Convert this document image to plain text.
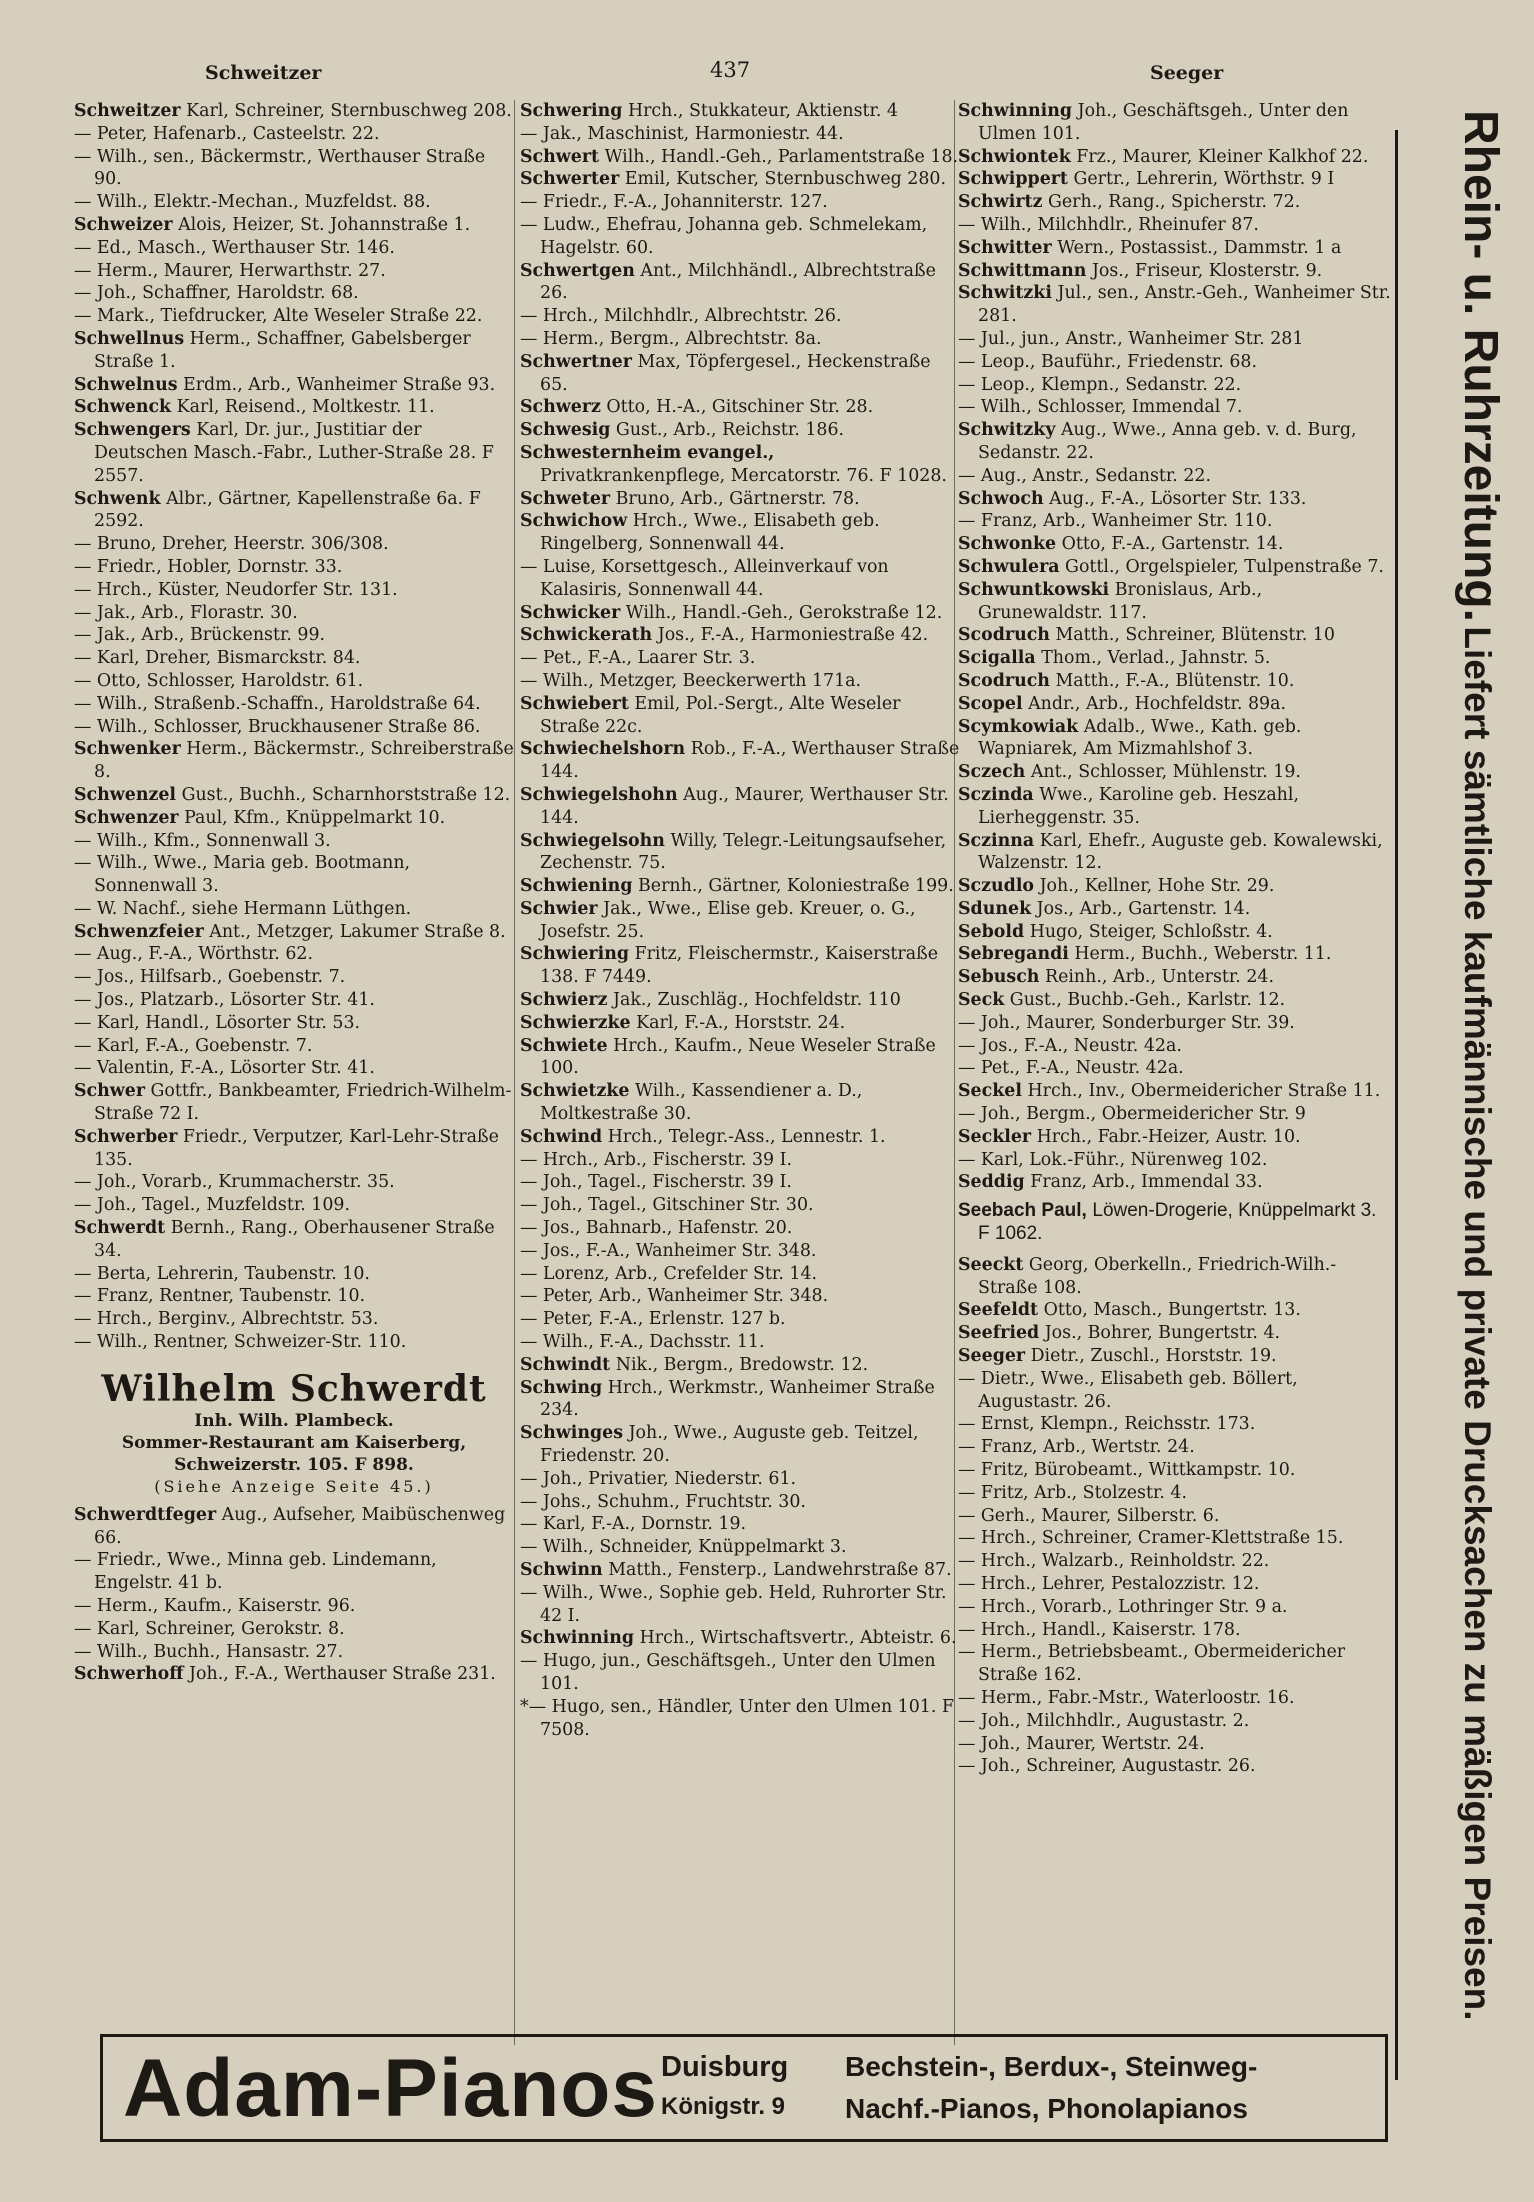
Schweitzer	437	Seeger

Schweitzer Karl, Schreiner, Sternbuschweg 208.

— Peter, Hafenarb., Casteelstr. 22.

— Wilh., sen., Bäckermstr., Werthauser Straße 90.

— Wilh., Elektr.-Mechan., Muzfeldst. 88.

Schweizer Alois, Heizer, St. Johannstraße 1.

— Ed., Masch., Werthauser Str. 146.

— Herm., Maurer, Herwarthstr. 27.

— Joh., Schaffner, Haroldstr. 68.

— Mark., Tiefdrucker, Alte Weseler Straße 22.

Schwellnus Herm., Schaffner, Gabelsberger Straße 1.

Schwelnus Erdm., Arb., Wanheimer Straße 93.

Schwenck Karl, Reisend., Moltkestr. 11.

Schwengers Karl, Dr. jur., Justitiar der Deutschen Masch.-Fabr., Luther-Straße 28. F 2557.

Schwenk Albr., Gärtner, Kapellenstraße 6a. F 2592.

— Bruno, Dreher, Heerstr. 306/308.

— Friedr., Hobler, Dornstr. 33.

— Hrch., Küster, Neudorfer Str. 131.

— Jak., Arb., Florastr. 30.

— Jak., Arb., Brückenstr. 99.

— Karl, Dreher, Bismarckstr. 84.

— Otto, Schlosser, Haroldstr. 61.

— Wilh., Straßenb.-Schaffn., Haroldstraße 64.

— Wilh., Schlosser, Bruckhausener Straße 86.

Schwenker Herm., Bäckermstr., Schreiberstraße 8.

Schwenzel Gust., Buchh., Scharnhorststraße 12.

Schwenzer Paul, Kfm., Knüppelmarkt 10.

— Wilh., Kfm., Sonnenwall 3.

— Wilh., Wwe., Maria geb. Bootmann, Sonnenwall 3.

— W. Nachf., siehe Hermann Lüthgen.

Schwenzfeier Ant., Metzger, Lakumer Straße 8.

— Aug., F.-A., Wörthstr. 62.

— Jos., Hilfsarb., Goebenstr. 7.

— Jos., Platzarb., Lösorter Str. 41.

— Karl, Handl., Lösorter Str. 53.

— Karl, F.-A., Goebenstr. 7.

— Valentin, F.-A., Lösorter Str. 41.

Schwer Gottfr., Bankbeamter, Friedrich-Wilhelm-Straße 72 I.

Schwerber Friedr., Verputzer, Karl-Lehr-Straße 135.

— Joh., Vorarb., Krummacherstr. 35.

— Joh., Tagel., Muzfeldstr. 109.

Schwerdt Bernh., Rang., Oberhausener Straße 34.

— Berta, Lehrerin, Taubenstr. 10.

— Franz, Rentner, Taubenstr. 10.

— Hrch., Berginv., Albrechtstr. 53.

— Wilh., Rentner, Schweizer-Str. 110.

Wilhelm Schwerdt
Inh. Wilh. Plambeck.
Sommer-Restaurant am Kaiserberg,
Schweizerstr. 105. F 898.
(Siehe Anzeige Seite 45.)

Schwerdtfeger Aug., Aufseher, Maibüschenweg 66.

— Friedr., Wwe., Minna geb. Lindemann, Engelstr. 41 b.

— Herm., Kaufm., Kaiserstr. 96.

— Karl, Schreiner, Gerokstr. 8.

— Wilh., Buchh., Hansastr. 27.

Schwerhoff Joh., F.-A., Werthauser Straße 231.

Schwering Hrch., Stukkateur, Aktienstr. 4

— Jak., Maschinist, Harmoniestr. 44.

Schwert Wilh., Handl.-Geh., Parlamentstraße 18.

Schwerter Emil, Kutscher, Sternbuschweg 280.

— Friedr., F.-A., Johanniterstr. 127.

— Ludw., Ehefrau, Johanna geb. Schmelekam, Hagelstr. 60.

Schwertgen Ant., Milchhändl., Albrechtstraße 26.

— Hrch., Milchhdlr., Albrechtstr. 26.

— Herm., Bergm., Albrechtstr. 8a.

Schwertner Max, Töpfergesel., Heckenstraße 65.

Schwerz Otto, H.-A., Gitschiner Str. 28.

Schwesig Gust., Arb., Reichstr. 186.

Schwesternheim evangel., Privatkrankenpflege, Mercatorstr. 76. F 1028.

Schweter Bruno, Arb., Gärtnerstr. 78.

Schwichow Hrch., Wwe., Elisabeth geb. Ringelberg, Sonnenwall 44.

— Luise, Korsettgesch., Alleinverkauf von Kalasiris, Sonnenwall 44.

Schwicker Wilh., Handl.-Geh., Gerokstraße 12.

Schwickerath Jos., F.-A., Harmoniestraße 42.

— Pet., F.-A., Laarer Str. 3.

— Wilh., Metzger, Beeckerwerth 171a.

Schwiebert Emil, Pol.-Sergt., Alte Weseler Straße 22c.

Schwiechelshorn Rob., F.-A., Werthauser Straße 144.

Schwiegelshohn Aug., Maurer, Werthauser Str. 144.

Schwiegelsohn Willy, Telegr.-Leitungsaufseher, Zechenstr. 75.

Schwiening Bernh., Gärtner, Koloniestraße 199.

Schwier Jak., Wwe., Elise geb. Kreuer, o. G., Josefstr. 25.

Schwiering Fritz, Fleischermstr., Kaiserstraße 138. F 7449.

Schwierz Jak., Zuschläg., Hochfeldstr. 110

Schwierzke Karl, F.-A., Horststr. 24.

Schwiete Hrch., Kaufm., Neue Weseler Straße 100.

Schwietzke Wilh., Kassendiener a. D., Moltkestraße 30.

Schwind Hrch., Telegr.-Ass., Lennestr. 1.

— Hrch., Arb., Fischerstr. 39 I.

— Joh., Tagel., Fischerstr. 39 I.

— Joh., Tagel., Gitschiner Str. 30.

— Jos., Bahnarb., Hafenstr. 20.

— Jos., F.-A., Wanheimer Str. 348.

— Lorenz, Arb., Crefelder Str. 14.

— Peter, Arb., Wanheimer Str. 348.

— Peter, F.-A., Erlenstr. 127 b.

— Wilh., F.-A., Dachsstr. 11.

Schwindt Nik., Bergm., Bredowstr. 12.

Schwing Hrch., Werkmstr., Wanheimer Straße 234.

Schwinges Joh., Wwe., Auguste geb. Teitzel, Friedenstr. 20.

— Joh., Privatier, Niederstr. 61.

— Johs., Schuhm., Fruchtstr. 30.

— Karl, F.-A., Dornstr. 19.

— Wilh., Schneider, Knüppelmarkt 3.

Schwinn Matth., Fensterp., Landwehrstraße 87.

— Wilh., Wwe., Sophie geb. Held, Ruhrorter Str. 42 I.

Schwinning Hrch., Wirtschaftsvertr., Abteistr. 6.

— Hugo, jun., Geschäftsgeh., Unter den Ulmen 101.

*— Hugo, sen., Händler, Unter den Ulmen 101. F 7508.

Schwinning Joh., Geschäftsgeh., Unter den Ulmen 101.

Schwiontek Frz., Maurer, Kleiner Kalkhof 22.

Schwippert Gertr., Lehrerin, Wörthstr. 9 I

Schwirtz Gerh., Rang., Spicherstr. 72.

— Wilh., Milchhdlr., Rheinufer 87.

Schwitter Wern., Postassist., Dammstr. 1 a

Schwittmann Jos., Friseur, Klosterstr. 9.

Schwitzki Jul., sen., Anstr.-Geh., Wanheimer Str. 281.

— Jul., jun., Anstr., Wanheimer Str. 281

— Leop., Bauführ., Friedenstr. 68.

— Leop., Klempn., Sedanstr. 22.

— Wilh., Schlosser, Immendal 7.

Schwitzky Aug., Wwe., Anna geb. v. d. Burg, Sedanstr. 22.

— Aug., Anstr., Sedanstr. 22.

Schwoch Aug., F.-A., Lösorter Str. 133.

— Franz, Arb., Wanheimer Str. 110.

Schwonke Otto, F.-A., Gartenstr. 14.

Schwulera Gottl., Orgelspieler, Tulpenstraße 7.

Schwuntkowski Bronislaus, Arb., Grunewaldstr. 117.

Scodruch Matth., Schreiner, Blütenstr. 10

Scigalla Thom., Verlad., Jahnstr. 5.

Scodruch Matth., F.-A., Blütenstr. 10.

Scopel Andr., Arb., Hochfeldstr. 89a.

Scymkowiak Adalb., Wwe., Kath. geb. Wapniarek, Am Mizmahlshof 3.

Sczech Ant., Schlosser, Mühlenstr. 19.

Sczinda Wwe., Karoline geb. Heszahl, Lierheggenstr. 35.

Sczinna Karl, Ehefr., Auguste geb. Kowalewski, Walzenstr. 12.

Sczudlo Joh., Kellner, Hohe Str. 29.

Sdunek Jos., Arb., Gartenstr. 14.

Sebold Hugo, Steiger, Schloßstr. 4.

Sebregandi Herm., Buchh., Weberstr. 11.

Sebusch Reinh., Arb., Unterstr. 24.

Seck Gust., Buchb.-Geh., Karlstr. 12.

— Joh., Maurer, Sonderburger Str. 39.

— Jos., F.-A., Neustr. 42a.

— Pet., F.-A., Neustr. 42a.

Seckel Hrch., Inv., Obermeidericher Straße 11.

— Joh., Bergm., Obermeidericher Str. 9

Seckler Hrch., Fabr.-Heizer, Austr. 10.

— Karl, Lok.-Führ., Nürenweg 102.

Seddig Franz, Arb., Immendal 33.

Seebach Paul, Löwen-Drogerie, Knüppelmarkt 3. F 1062.

Seeckt Georg, Oberkelln., Friedrich-Wilh.-Straße 108.

Seefeldt Otto, Masch., Bungertstr. 13.

Seefried Jos., Bohrer, Bungertstr. 4.

Seeger Dietr., Zuschl., Horststr. 19.

— Dietr., Wwe., Elisabeth geb. Böllert, Augustastr. 26.

— Ernst, Klempn., Reichsstr. 173.

— Franz, Arb., Wertstr. 24.

— Fritz, Bürobeamt., Wittkampstr. 10.

— Fritz, Arb., Stolzestr. 4.

— Gerh., Maurer, Silberstr. 6.

— Hrch., Schreiner, Cramer-Klettstraße 15.

— Hrch., Walzarb., Reinholdstr. 22.

— Hrch., Lehrer, Pestalozzistr. 12.

— Hrch., Vorarb., Lothringer Str. 9 a.

— Hrch., Handl., Kaiserstr. 178.

— Herm., Betriebsbeamt., Obermeidericher Straße 162.

— Herm., Fabr.-Mstr., Waterloostr. 16.

— Joh., Milchhdlr., Augustastr. 2.

— Joh., Maurer, Wertstr. 24.

— Joh., Schreiner, Augustastr. 26.

Rhein- u. Ruhrzeitung. Liefert sämtliche kaufmännische und private Drucksachen zu mäßigen Preisen.
Adam-Pianos Duisburg
Königstr. 9
Bechstein-, Berdux-, Steinweg-
Nachf.-Pianos, Phonolapianos
